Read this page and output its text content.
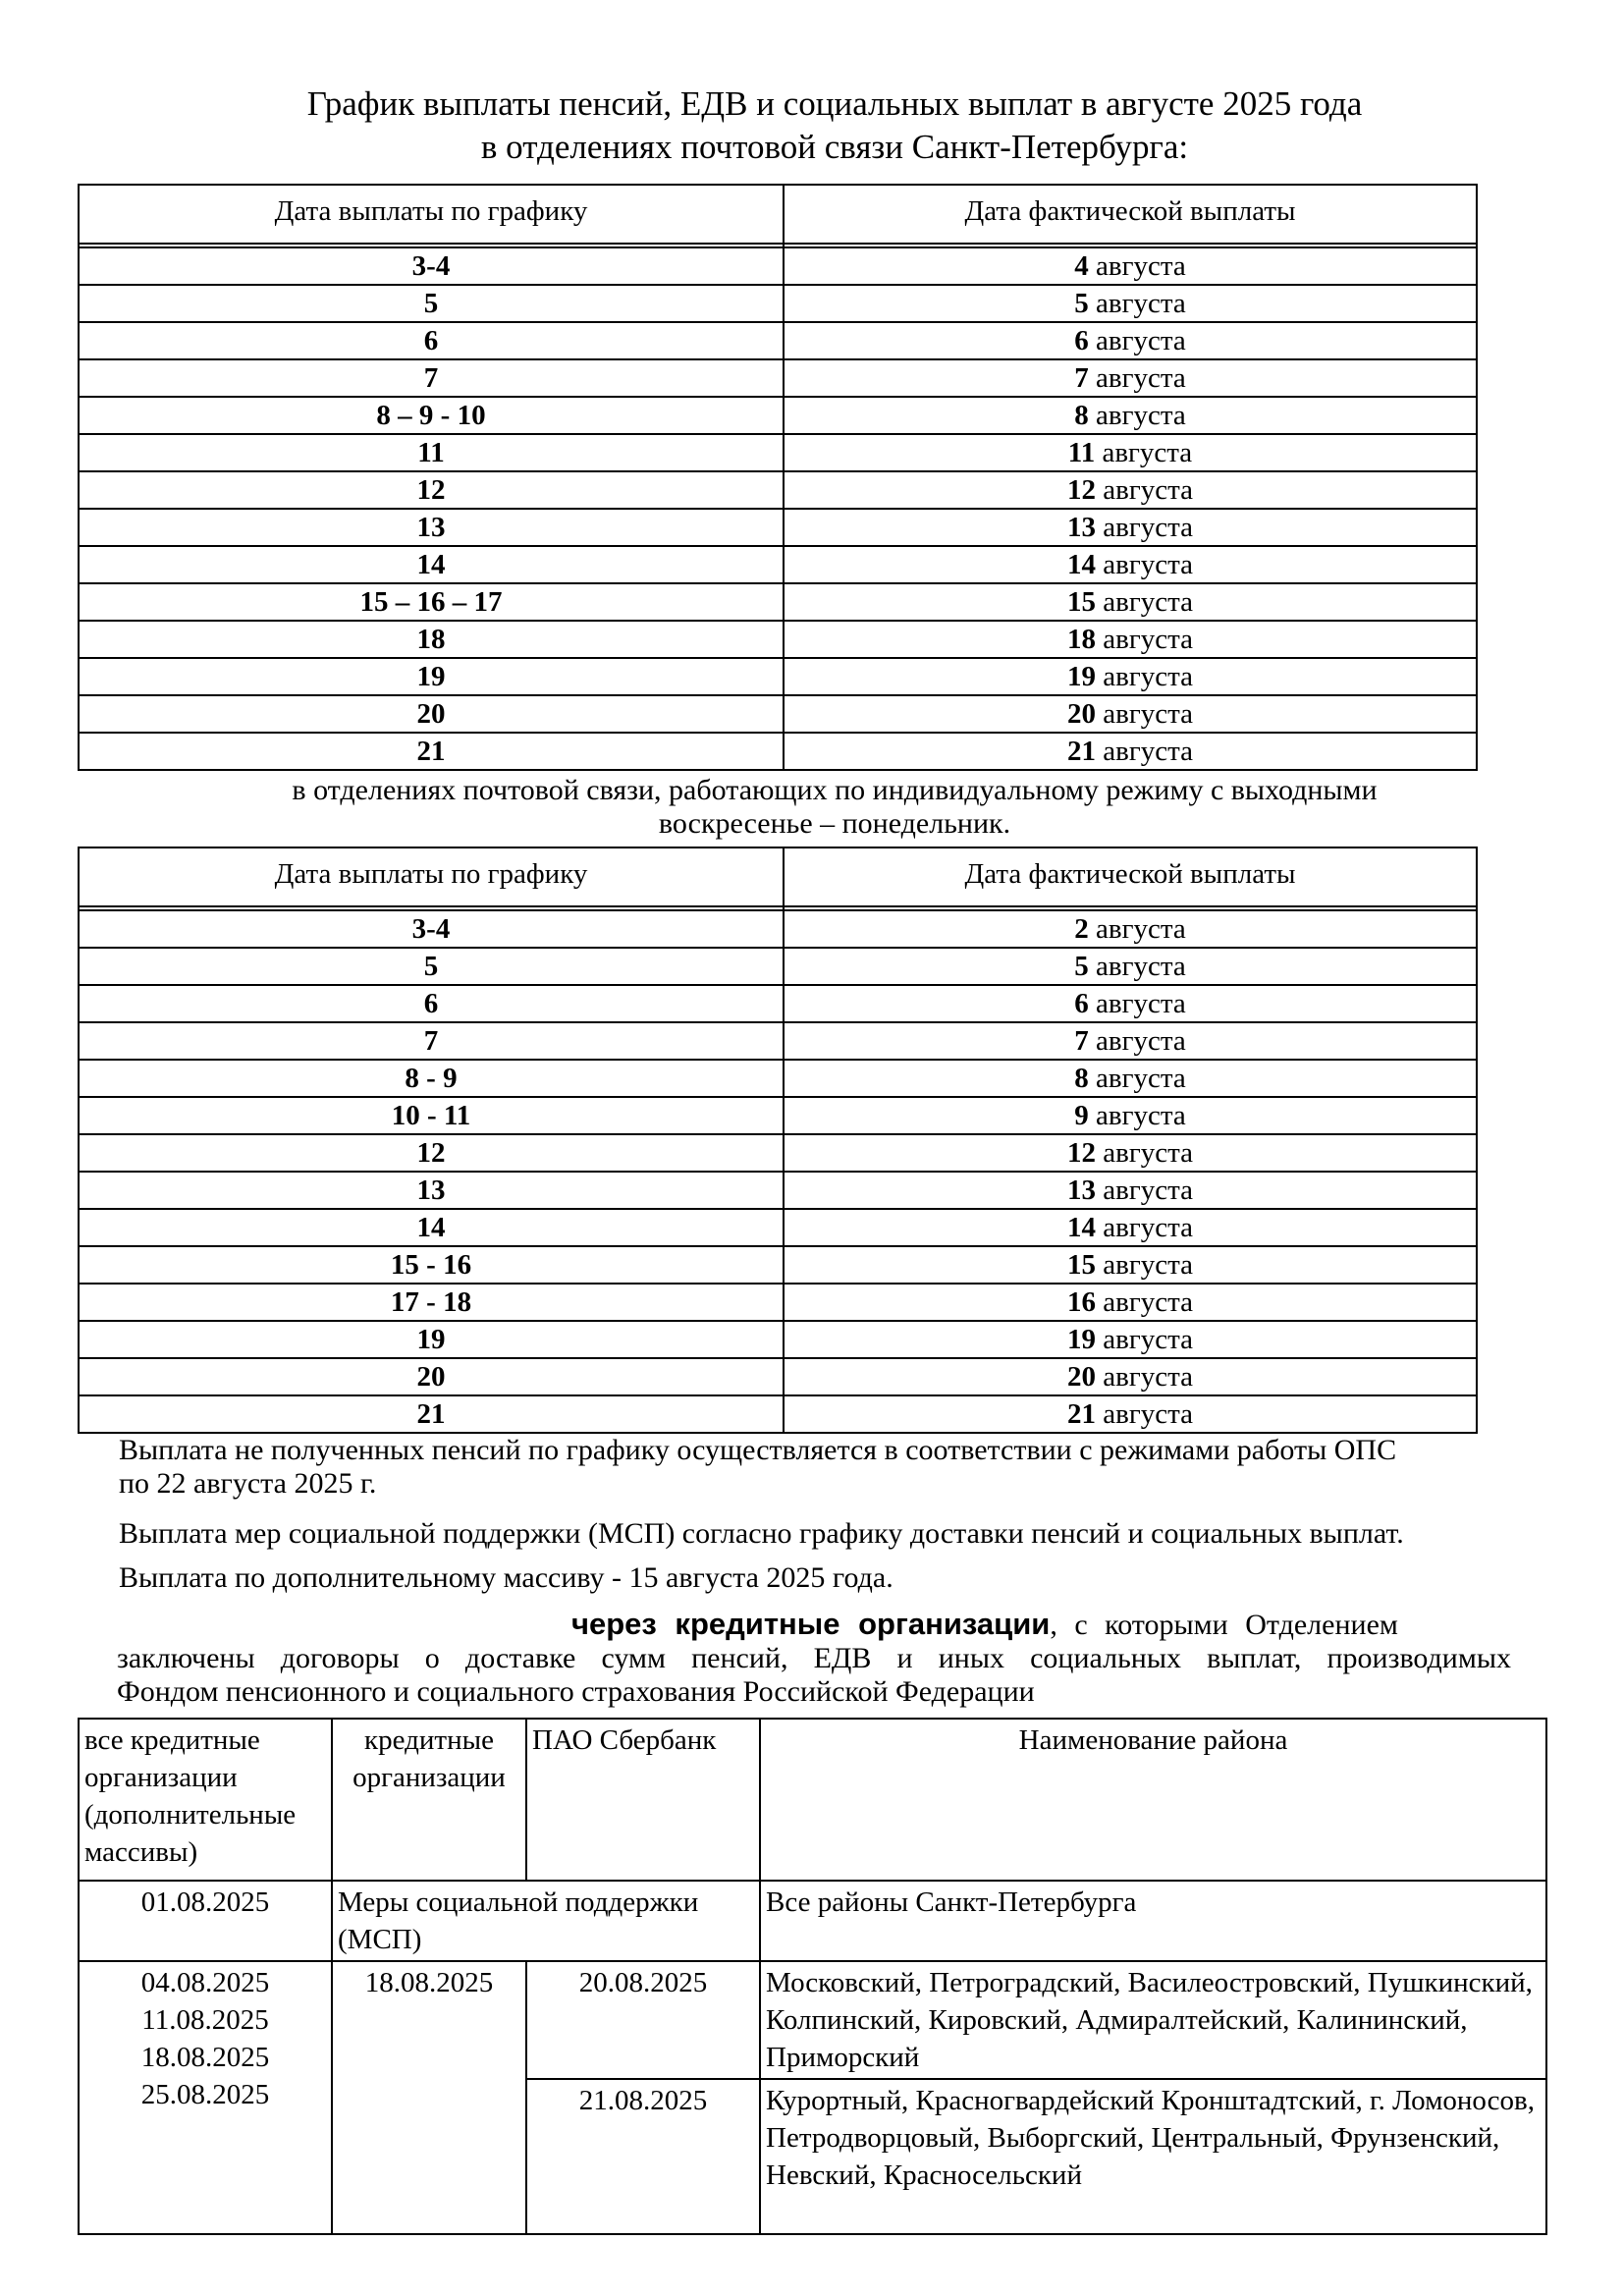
График выплаты пенсий, ЕДВ и социальных выплат в августе 2025 года
в отделениях почтовой связи Санкт-Петербурга:
Дата выплаты по графику	Дата фактической выплаты

3-4	4 августа
5	5 августа
6	6 августа
7	7 августа
8 – 9 - 10	8 августа
11	11 августа
12	12 августа
13	13 августа
14	14 августа
15 – 16 – 17	15 августа
18	18 августа
19	19 августа
20	20 августа
21	21 августа
в отделениях почтовой связи, работающих по индивидуальному режиму с выходными
воскресенье – понедельник.
Дата выплаты по графику	Дата фактической выплаты

3-4	2 августа
5	5 августа
6	6 августа
7	7 августа
8 - 9	8 августа
10 - 11	9 августа
12	12 августа
13	13 августа
14	14 августа
15 - 16	15 августа
17 - 18	16 августа
19	19 августа
20	20 августа
21	21 августа
Выплата не полученных пенсий по графику осуществляется в соответствии с режимами работы ОПС
по 22 августа 2025 г.
Выплата мер социальной поддержки (МСП) согласно графику доставки пенсий и социальных выплат.
Выплата по дополнительному массиву - 15 августа 2025 года.
через кредитные организации, с которыми Отделением
заключены договоры о доставке сумм пенсий, ЕДВ и иных социальных выплат, производимых
Фондом пенсионного и социального страхования Российской Федерации
все кредитные организации (дополнительные массивы)	кредитные организации	ПАО Сбербанк	Наименование района
01.08.2025	Меры социальной поддержки (МСП)		Все районы Санкт-Петербурга

04.08.2025
11.08.2025
18.08.2025
25.08.2025	18.08.2025	20.08.2025	Московский, Петроградский, Василеостровский, Пушкинский, Колпинский, Кировский, Адмиралтейский, Калининский, Приморский
		21.08.2025	Курортный, Красногвардейский Кронштадтский, г. Ломоносов, Петродворцовый, Выборгский, Центральный, Фрунзенский, Невский, Красносельский
